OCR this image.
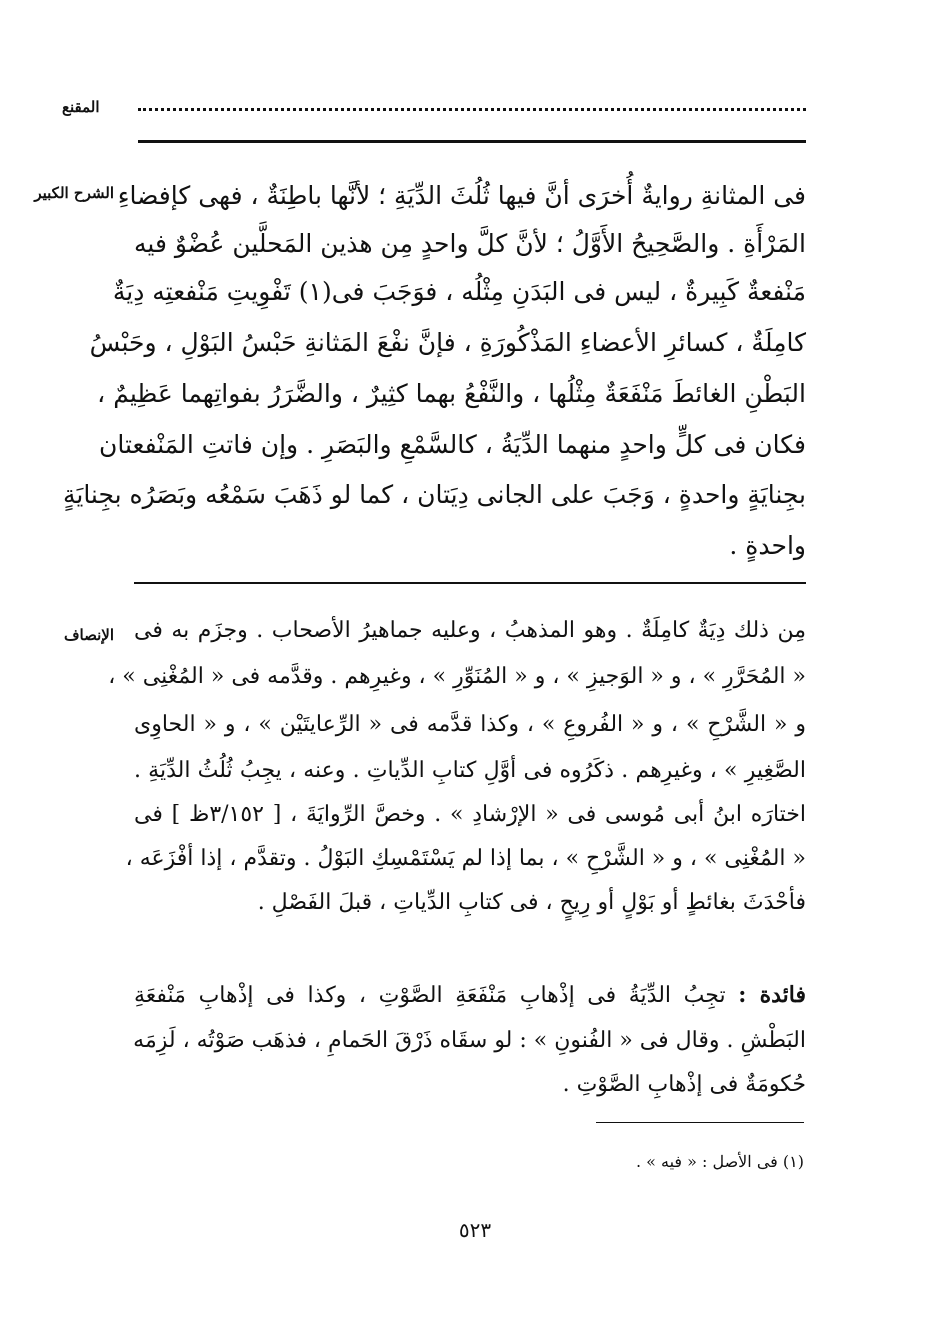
المقنع
الشرح الكبير فى المثانةِ روايةٌ أُخرَى أنَّ فيها ثُلُثَ الدِّيَةِ ؛ لأنَّها باطِنَةٌ ، فهى كإفضاءِ
المَرْأَةِ . والصَّحِيحُ الأَوَّلُ ؛ لأنَّ كلَّ واحدٍ مِن هذين المَحلَّين عُضْوٌ فيه
مَنْفعةٌ كَبِيرةٌ ، ليس فى البَدَنِ مِثْلُه ، فوَجَبَ فى(١) تَفْوِيتِ مَنْفعتِه دِيَةٌ
كامِلَةٌ ، كسائرِ الأعضاءِ المَذْكُورَةِ ، فإنَّ نفْعَ المَثانةِ حَبْسُ البَوْلِ ، وحَبْسُ
البَطْنِ الغائطَ مَنْفَعَةٌ مِثْلُها ، والنَّفْعُ بهما كثِيرٌ ، والضَّرَرُ بفواتِهما عَظِيمٌ ،
فكان فى كلٍّ واحدٍ منهما الدِّيَةُ ، كالسَّمْعِ والبَصَرِ . وإن فاتتِ المَنْفعتان
بجِنايَةٍ واحدةٍ ، وَجَبَ على الجانى دِيَتان ، كما لو ذَهَبَ سَمْعُه وبَصَرُه بجِنايَةٍ
واحدةٍ .
الإنصاف مِن ذلك دِيَةٌ كامِلَةٌ . وهو المذهبُ ، وعليه جماهيرُ الأصحاب . وجزَم به فى
« المُحَرَّرِ » ، و « الوَجيزِ » ، و « المُنَوِّرِ » ، وغيرِهم . وقدَّمه فى « المُغْنِى » ،
و « الشَّرْحِ » ، و « الفُروعِ » ، وكذا قدَّمه فى « الرِّعايتَيْن » ، و « الحاوِى
الصَّغِيرِ » ، وغيرِهم . ذكَرُوه فى أوَّلِ كتابِ الدِّياتِ . وعنه ، يجِبُ ثُلُثُ الدِّيَةِ .
اختارَه ابنُ أبى مُوسى فى « الإرْشادِ » . وخصَّ الرِّوايَةَ ، [ ٣/١٥٢ظ ] فى
« المُغْنِى » ، و « الشَّرْحِ » ، بما إذا لم يَسْتَمْسِكِ البَوْلُ . وتقدَّم ، إذا أفْزَعَه ،
فأحْدَثَ بغائطٍ أو بَوْلٍ أو رِيحٍ ، فى كتابِ الدِّياتِ ، قبلَ الفَصْلِ .
فائدة : تجِبُ الدِّيَةُ فى إذْهابِ مَنْفَعَةِ الصَّوْتِ ، وكذا فى إذْهابِ مَنْفعَةِ
البَطْشِ . وقال فى « الفُنونِ » : لو سقَاه ذَرْقَ الحَمامِ ، فذهَب صَوْتُه ، لَزِمَه
حُكومَةٌ فى إذْهابِ الصَّوْتِ .
(١) فى الأصل : « فيه » .
٥٢٣
